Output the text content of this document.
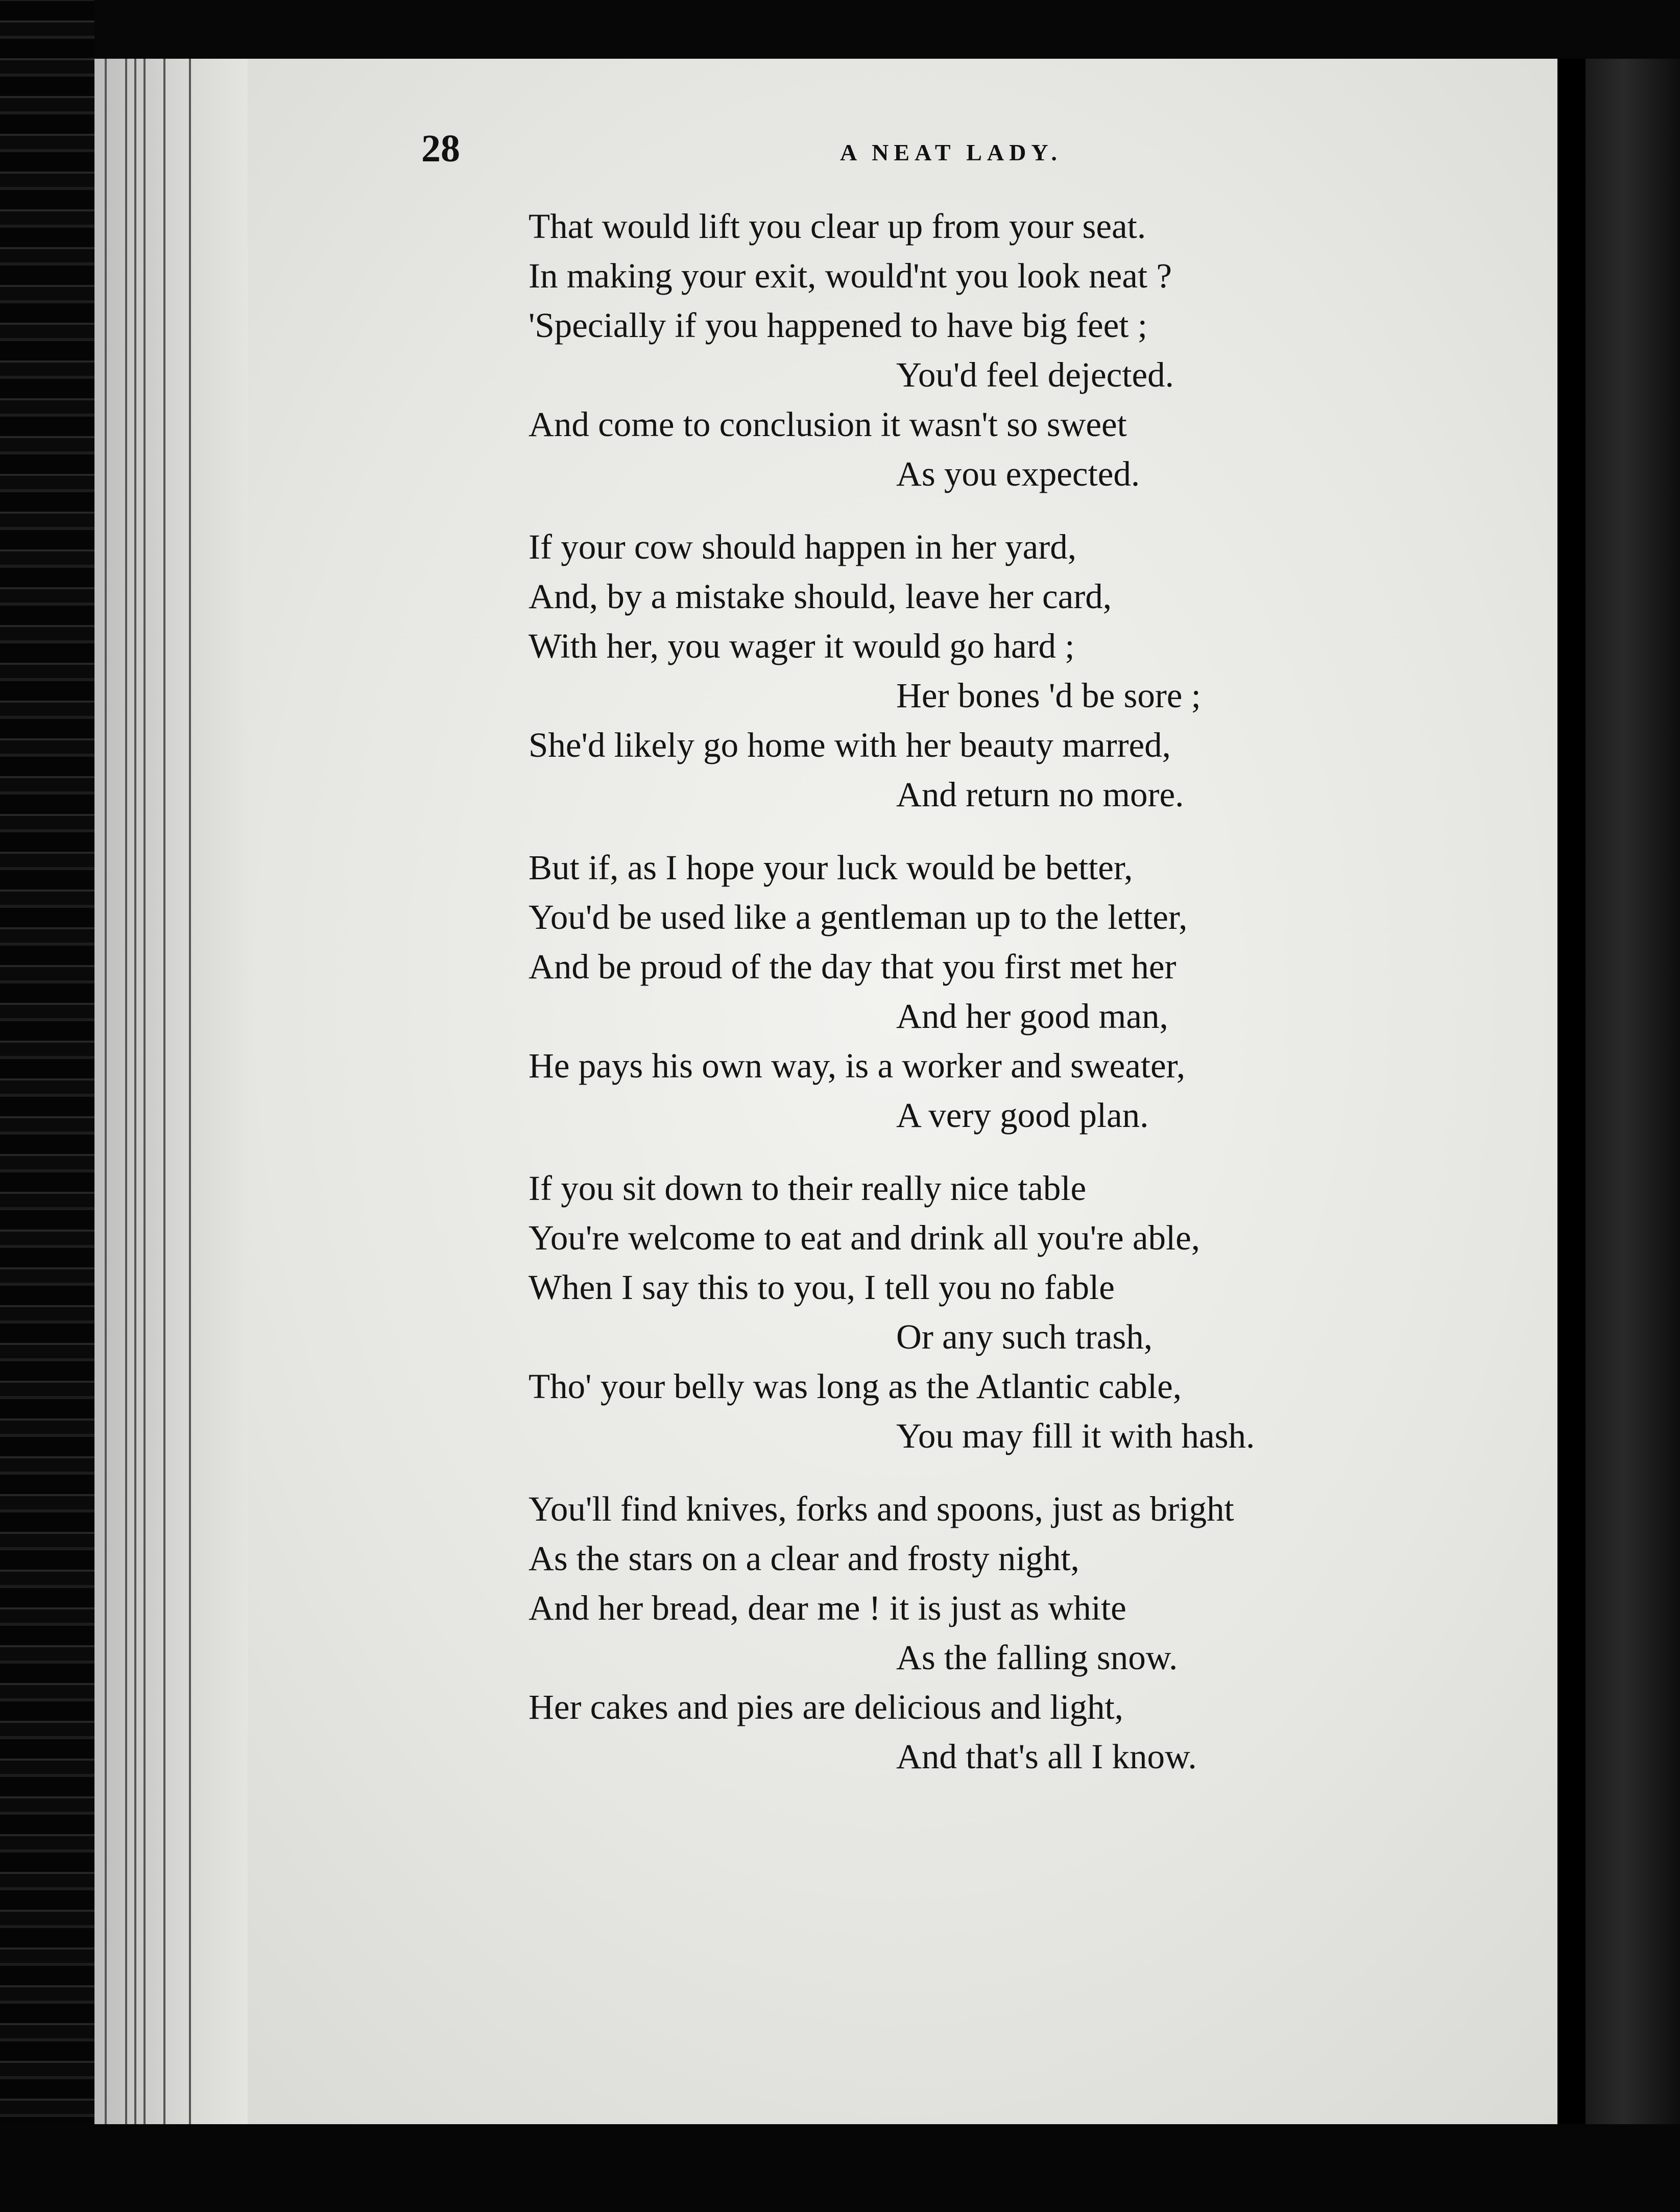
28	A NEAT LADY.
That would lift you clear up from your seat.
In making your exit, would'nt you look neat ?
'Specially if you happened to have big feet ;
You'd feel dejected.
And come to conclusion it wasn't so sweet
As you expected.
If your cow should happen in her yard,
And, by a mistake should, leave her card,
With her, you wager it would go hard ;
Her bones 'd be sore ;
She'd likely go home with her beauty marred,
And return no more.
But if, as I hope your luck would be better,
You'd be used like a gentleman up to the letter,
And be proud of the day that you first met her
And her good man,
He pays his own way, is a worker and sweater,
A very good plan.
If you sit down to their really nice table
You're welcome to eat and drink all you're able,
When I say this to you, I tell you no fable
Or any such trash,
Tho' your belly was long as the Atlantic cable,
You may fill it with hash.
You'll find knives, forks and spoons, just as bright
As the stars on a clear and frosty night,
And her bread, dear me ! it is just as white
As the falling snow.
Her cakes and pies are delicious and light,
And that's all I know.
